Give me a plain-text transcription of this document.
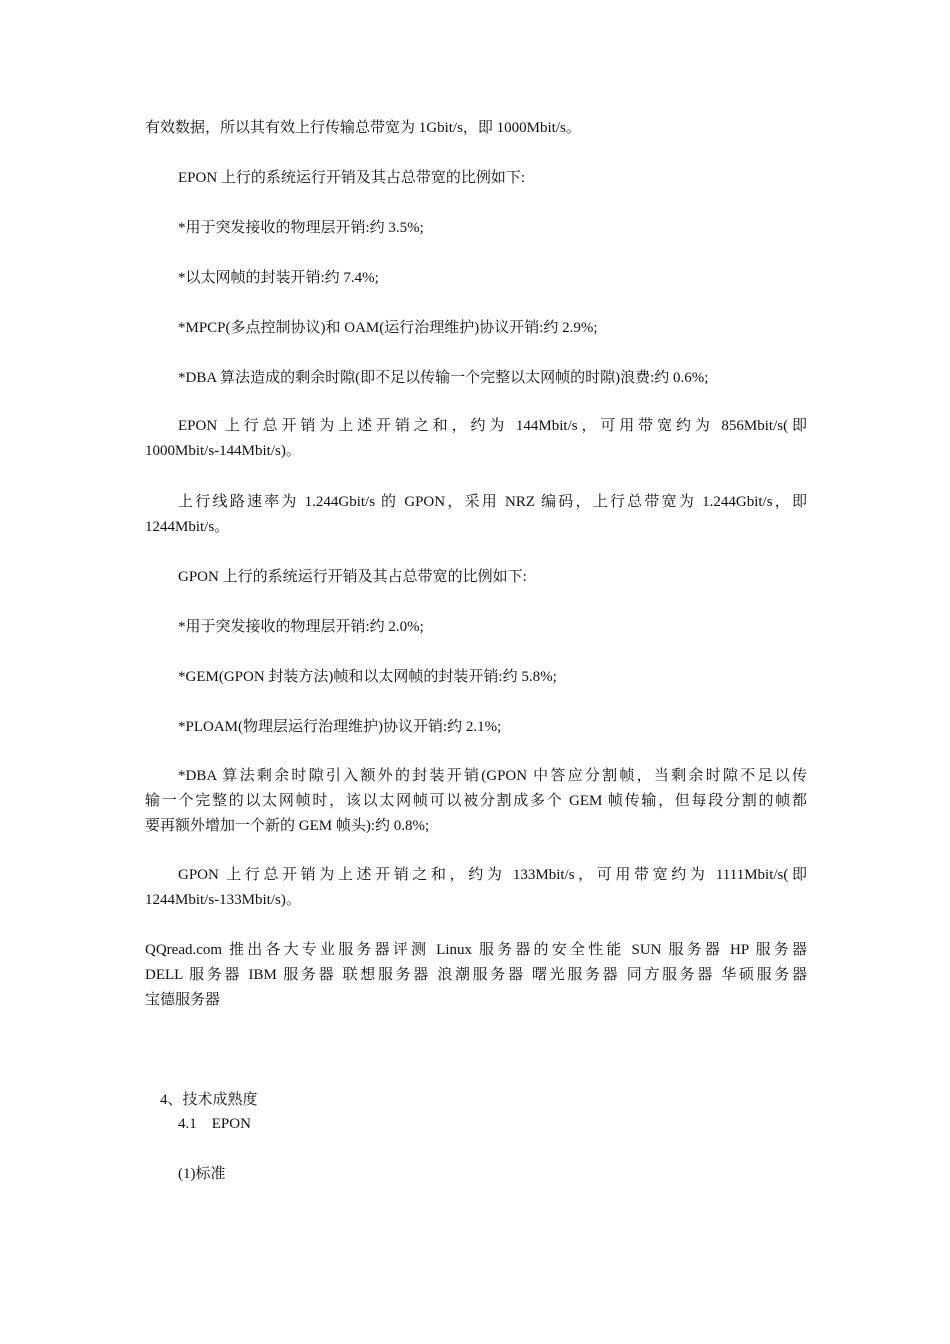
有效数据，所以其有效上行传输总带宽为 1Gbit/s，即 1000Mbit/s。
EPON 上行的系统运行开销及其占总带宽的比例如下:
*用于突发接收的物理层开销:约 3.5%;
*以太网帧的封装开销:约 7.4%;
*MPCP(多点控制协议)和 OAM(运行治理维护)协议开销:约 2.9%;
*DBA 算法造成的剩余时隙(即不足以传输一个完整以太网帧的时隙)浪费:约 0.6%;
EPON 上行总开销为上述开销之和，约为 144Mbit/s，可用带宽约为 856Mbit/s(即
1000Mbit/s-144Mbit/s)。
上行线路速率为 1.244Gbit/s 的 GPON，采用 NRZ 编码，上行总带宽为 1.244Gbit/s，即
1244Mbit/s。
GPON 上行的系统运行开销及其占总带宽的比例如下:
*用于突发接收的物理层开销:约 2.0%;
*GEM(GPON 封装方法)帧和以太网帧的封装开销:约 5.8%;
*PLOAM(物理层运行治理维护)协议开销:约 2.1%;
*DBA 算法剩余时隙引入额外的封装开销(GPON 中答应分割帧，当剩余时隙不足以传
输一个完整的以太网帧时，该以太网帧可以被分割成多个 GEM 帧传输，但每段分割的帧都
要再额外增加一个新的 GEM 帧头):约 0.8%;
GPON 上行总开销为上述开销之和，约为 133Mbit/s，可用带宽约为 1111Mbit/s(即
1244Mbit/s-133Mbit/s)。
QQread.com 推出各大专业服务器评测 Linux 服务器的安全性能 SUN 服务器 HP 服务器
DELL 服务器 IBM 服务器 联想服务器 浪潮服务器 曙光服务器 同方服务器 华硕服务器
宝德服务器
4、技术成熟度
4.1　EPON
(1)标准
